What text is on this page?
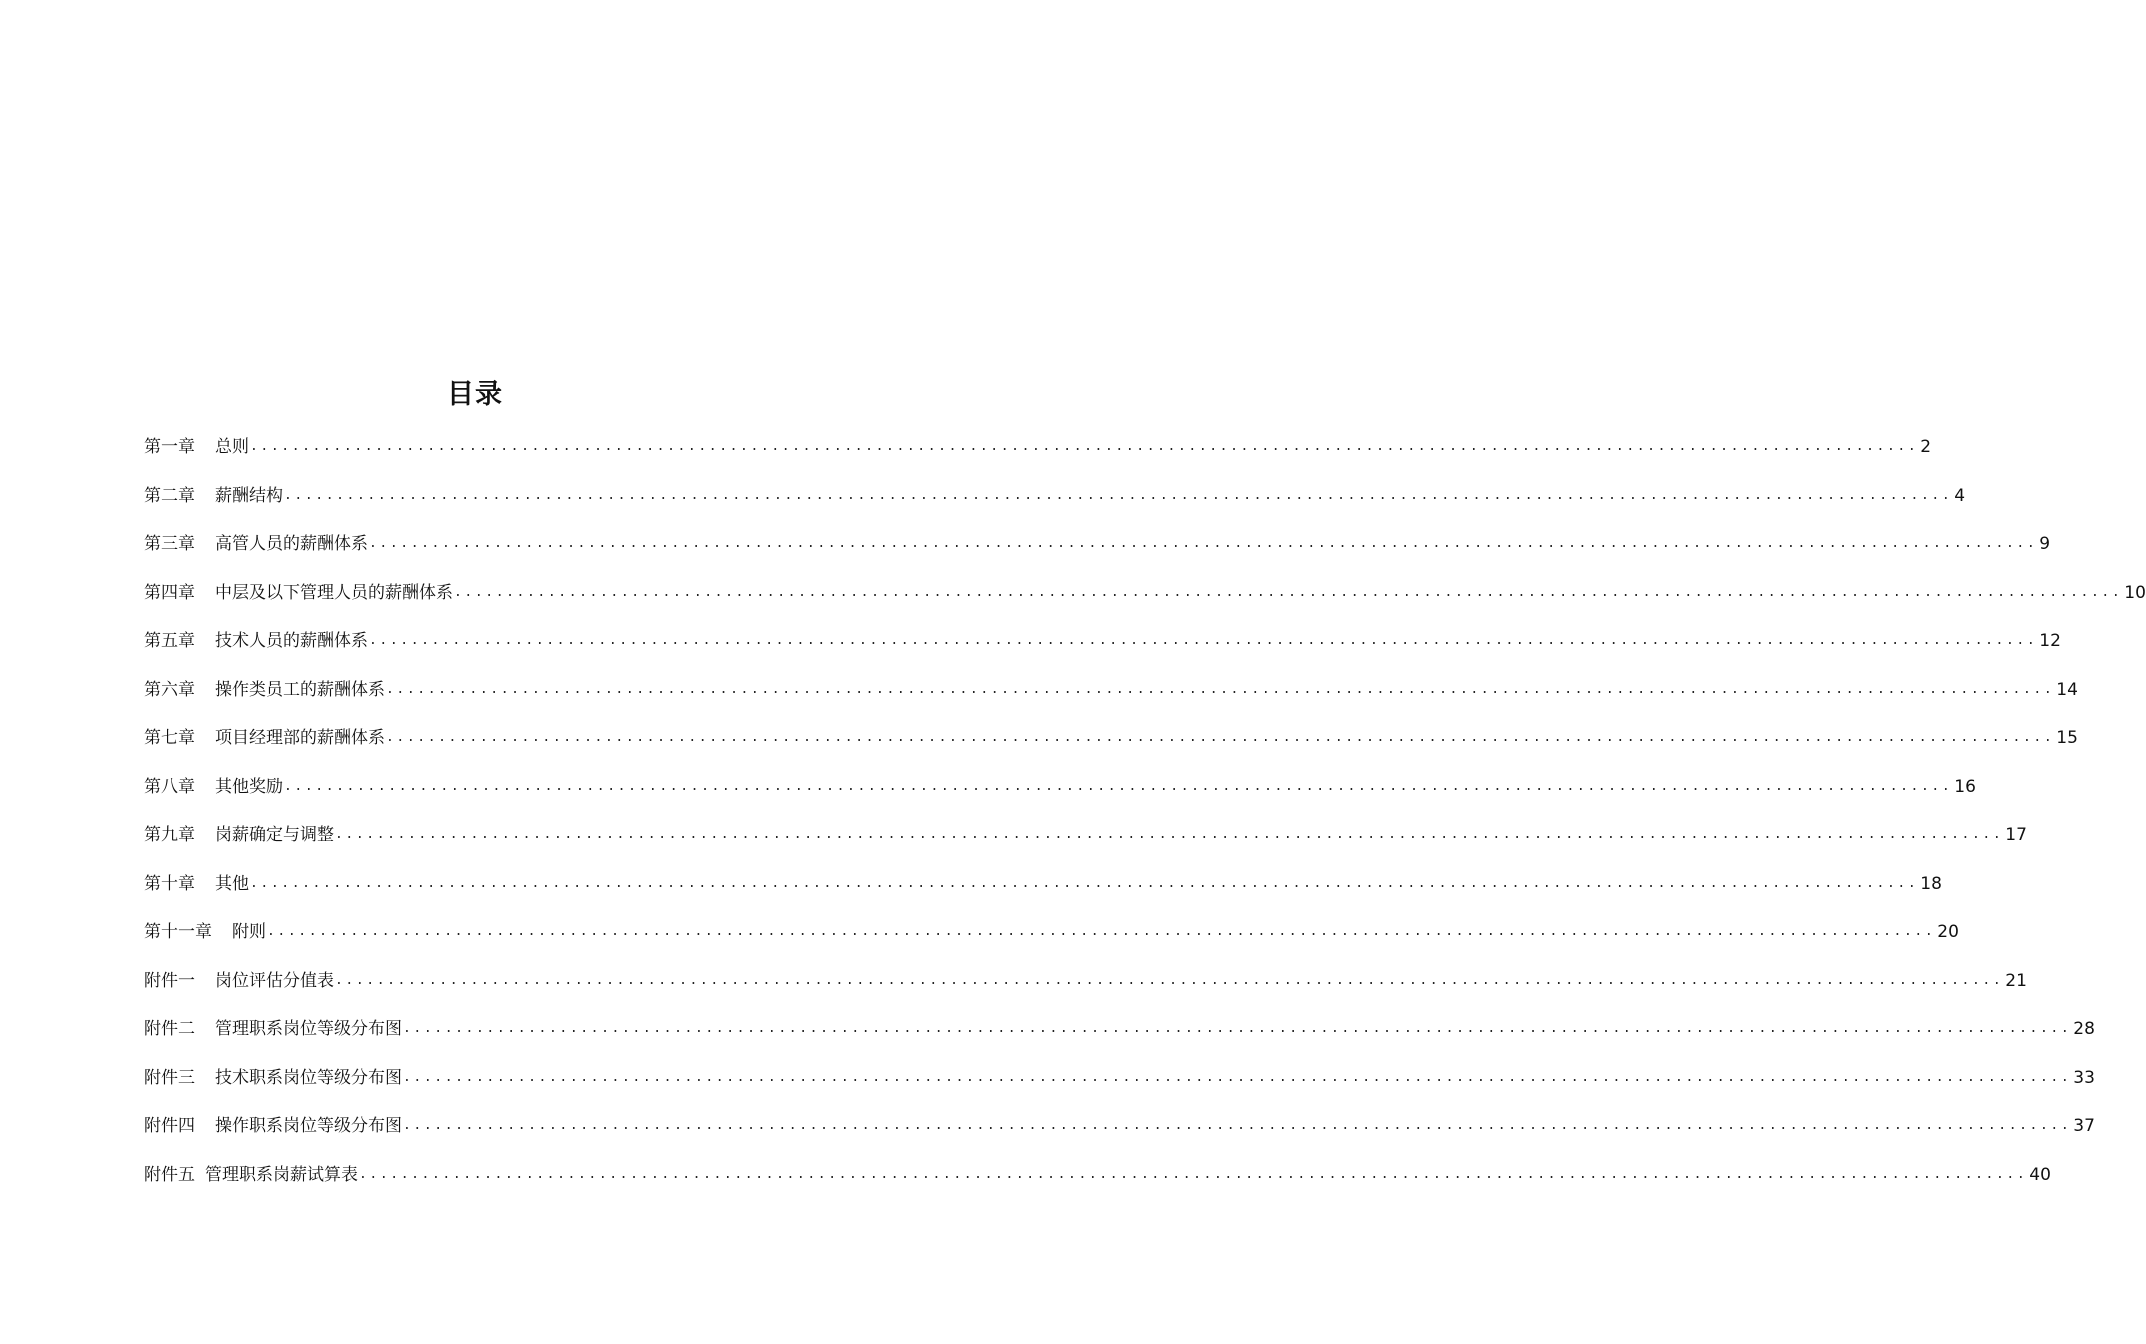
目录
第一章 总则 ................................................................................................................................................................ 2
第二章 薪酬结构 ................................................................................................................................................................ 4
第三章 高管人员的薪酬体系 ................................................................................................................................................................ 9
第四章 中层及以下管理人员的薪酬体系 ................................................................................................................................................................ 10
第五章 技术人员的薪酬体系 ................................................................................................................................................................ 12
第六章 操作类员工的薪酬体系 ................................................................................................................................................................ 14
第七章 项目经理部的薪酬体系 ................................................................................................................................................................ 15
第八章 其他奖励 ................................................................................................................................................................ 16
第九章 岗薪确定与调整 ................................................................................................................................................................ 17
第十章 其他 ................................................................................................................................................................ 18
第十一章 附则 ................................................................................................................................................................ 20
附件一 岗位评估分值表 ................................................................................................................................................................ 21
附件二 管理职系岗位等级分布图 ................................................................................................................................................................ 28
附件三 技术职系岗位等级分布图 ................................................................................................................................................................ 33
附件四 操作职系岗位等级分布图 ................................................................................................................................................................ 37
附件五 管理职系岗薪试算表 ................................................................................................................................................................ 40
